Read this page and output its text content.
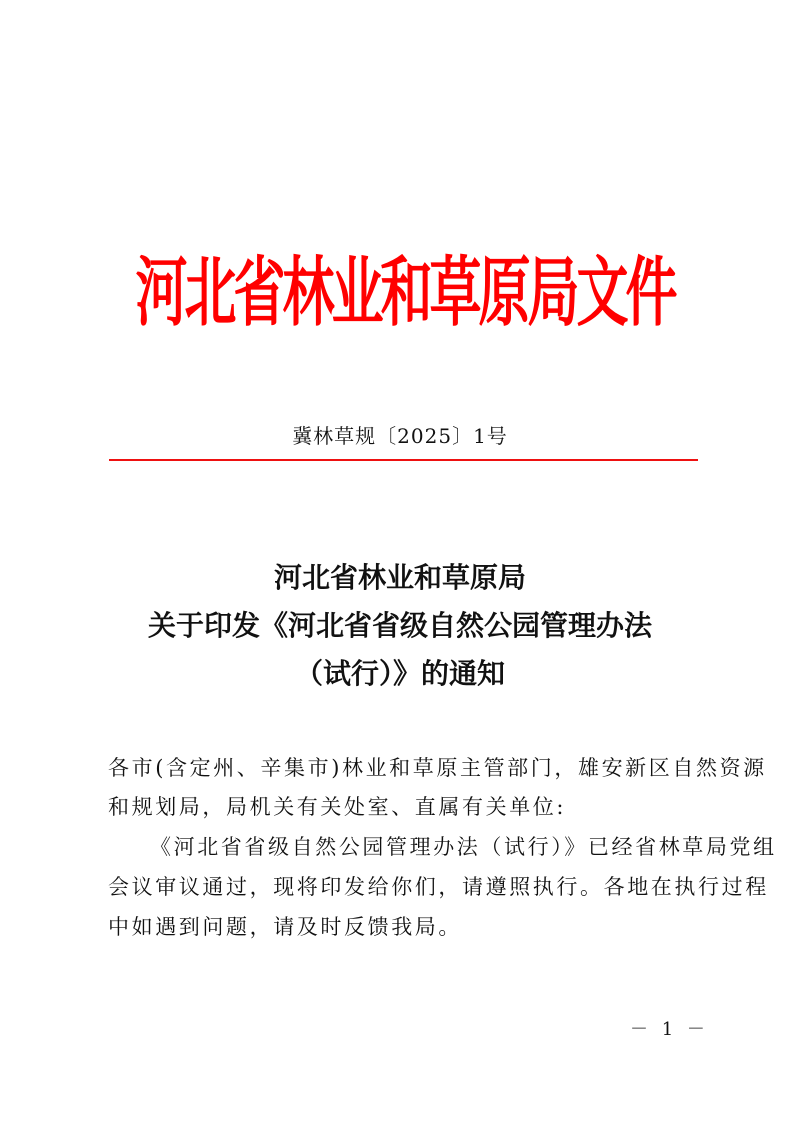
河北省林业和草原局文件
冀林草规〔2025〕1号
河北省林业和草原局
关于印发《河北省省级自然公园管理办法
（试行）》的通知
各市(含定州、辛集市)林业和草原主管部门，雄安新区自然资源
和规划局，局机关有关处室、直属有关单位:
《河北省省级自然公园管理办法（试行）》已经省林草局党组
会议审议通过，现将印发给你们，请遵照执行。各地在执行过程
中如遇到问题，请及时反馈我局。
－ 1 －
